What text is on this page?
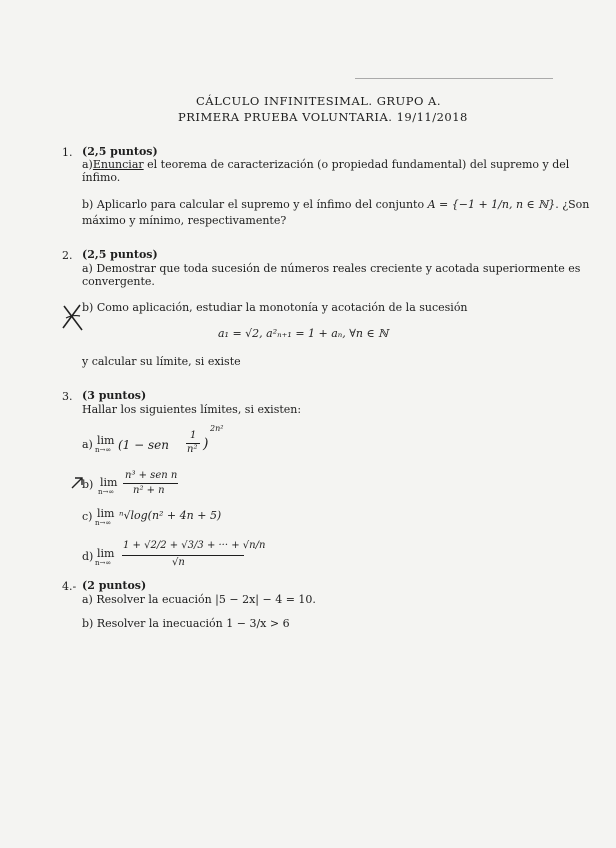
CÁLCULO INFINITESIMAL. GRUPO A.
PRIMERA PRUEBA VOLUNTARIA. 19/11/2018
1. (2,5 puntos)
a)Enunciar el teorema de caracterización (o propiedad fundamental) del supremo y del
ínfimo.
b) Aplicarlo para calcular el supremo y el ínfimo del conjunto A = {−1 + 1/n, n ∈ ℕ}. ¿Son
máximo y mínimo, respectivamente?
2. (2,5 puntos)
a) Demostrar que toda sucesión de números reales creciente y acotada superiormente es
convergente.
b) Como aplicación, estudiar la monotonía y acotación de la sucesión
a₁ = √2, a²ₙ₊₁ = 1 + aₙ, ∀n ∈ ℕ
y calcular su límite, si existe
3. (3 puntos)
Hallar los siguientes límites, si existen:
a) lim
n→∞ (1 − sen
1
n² )
2n²
b) lim
n→∞
n³ + sen n
n² + n
c) lim
n→∞
ⁿ√log(n² + 4n + 5)
d) lim
n→∞
1 + √2/2 + √3/3 + ··· + √n/n
√n
4.- (2 puntos)
a) Resolver la ecuación |5 − 2x| − 4 = 10.
b) Resolver la inecuación 1 − 3/x > 6
